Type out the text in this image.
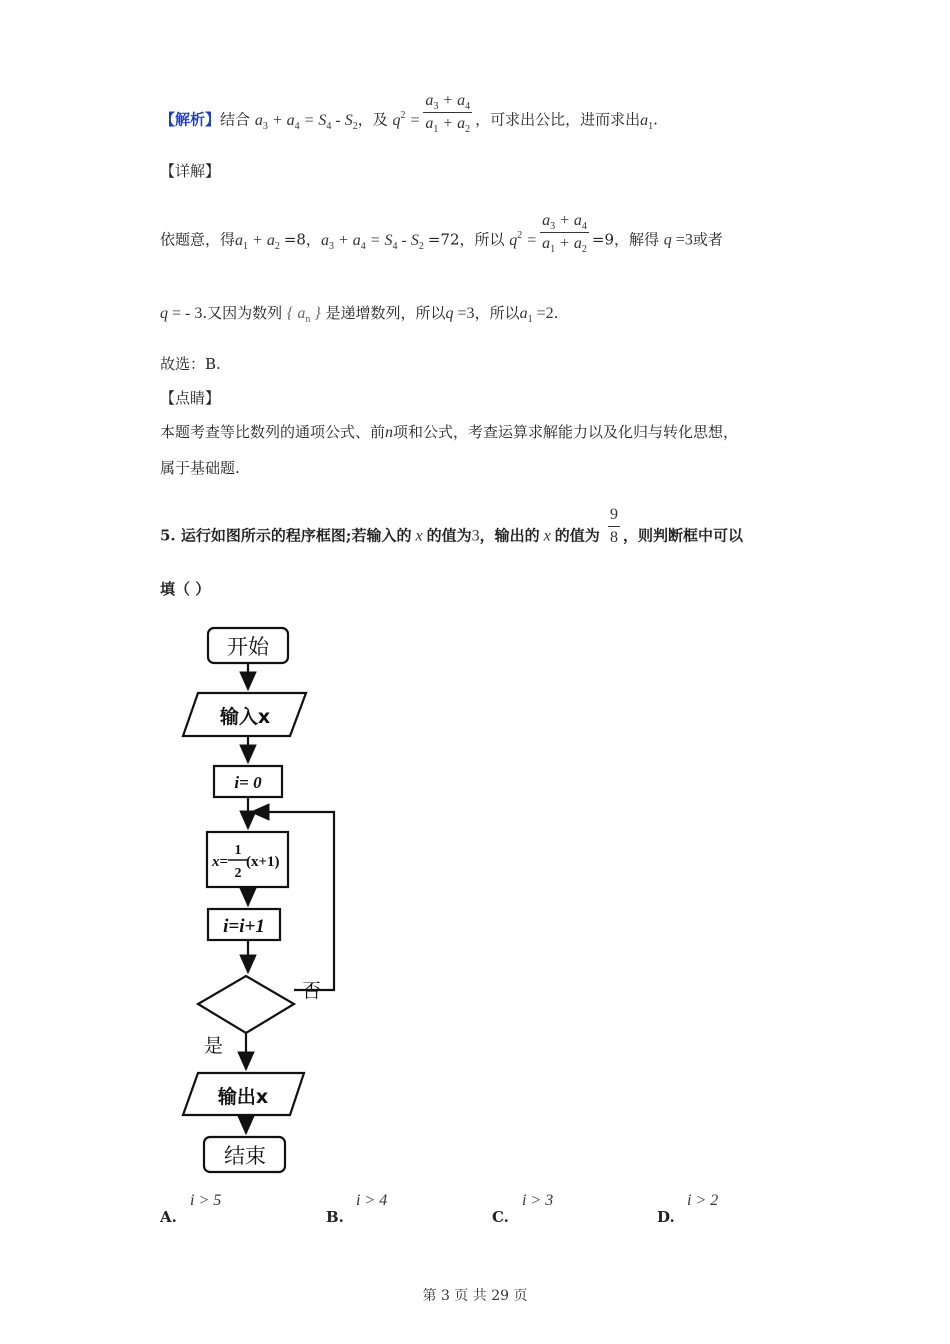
【解析】结合 $a_3 + a_4 = S_4 - S_2$，及 $q^2 = \frac{a_3 + a_4}{a_1 + a_2}$ ，可求出公比，进而求出$a_1$.
【详解】
依题意，得$a_1 + a_2 =8$，$a_3 + a_4 = S_4 - S_2 =72$，所以 $q^2 = \frac{a_3 + a_4}{a_1 + a_2} =9$，解得 q =3或者
q = - 3.又因为数列 { $a_n$ } 是递增数列，所以q =3，所以$a_1 =2$.
故选：B.
【点睛】
本题考查等比数列的通项公式、前n项和公式，考查运算求解能力以及化归与转化思想，
属于基础题.
5. 运行如图所示的程序框图;若输入的 x 的值为3，输出的 x 的值为 $\frac{9}{8}$ ，则判断框中可以
填（ ）
开始
输入x
i= 0
x=
1
2
(x+1)
i=i+1
否
是
输出x
结束
A.
i > 5
B.
i > 4
C.
i > 3
D.
i > 2
第 3 页 共 29 页
